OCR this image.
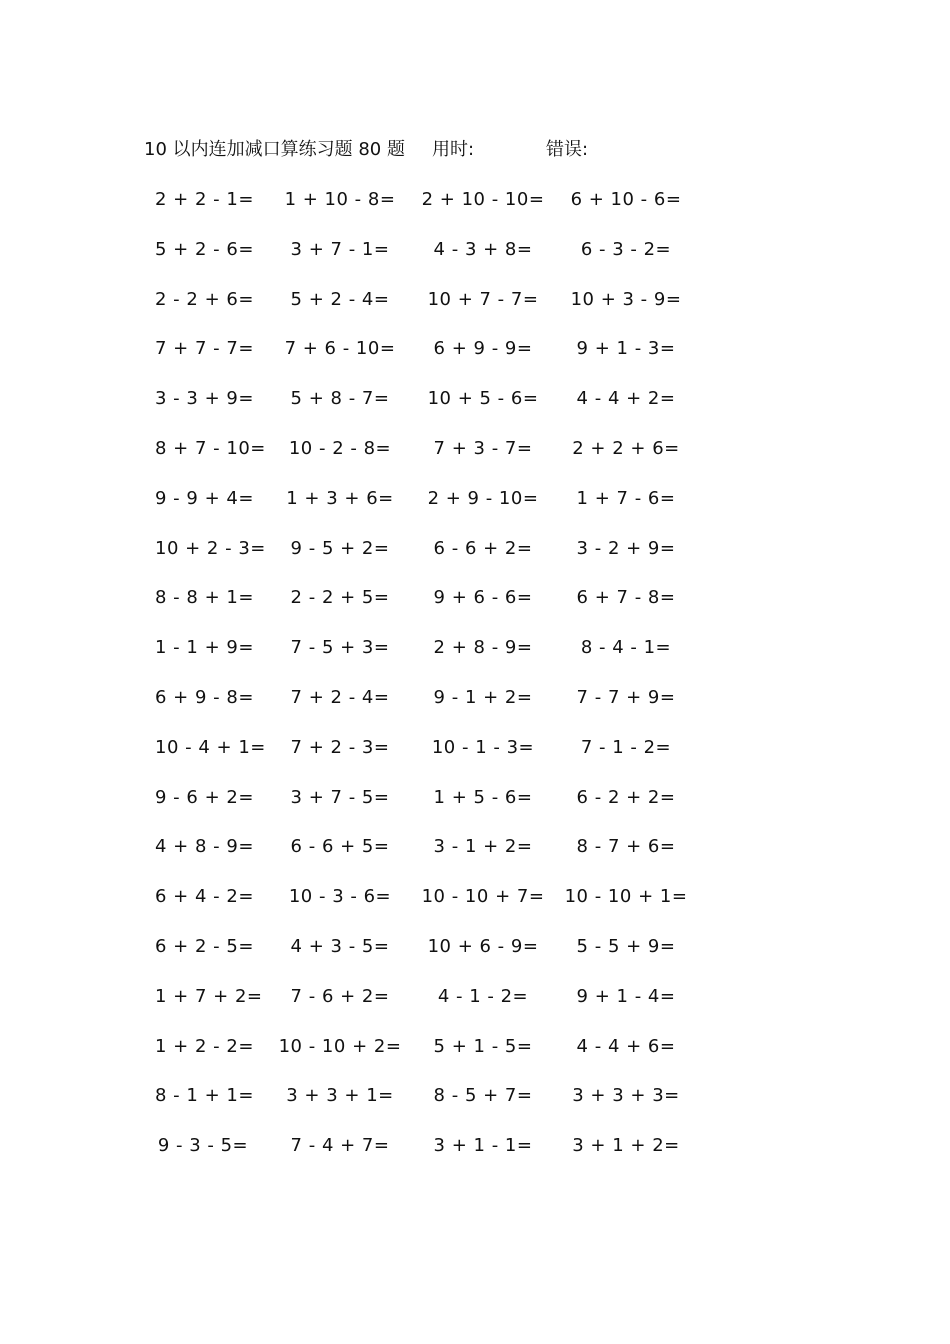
10 以内连加减口算练习题 80 题 用时:	错误:
2 + 2 - 1= 1 + 10 - 8= 2 + 10 - 10= 6 + 10 - 6=
5 + 2 - 6= 3 + 7 - 1= 4 - 3 + 8=	6 - 3 - 2=
2 - 2 + 6= 5 + 2 - 4= 10 + 7 - 7= 10 + 3 - 9=
7 + 7 - 7= 7 + 6 - 10= 6 + 9 - 9= 9 + 1 - 3=
3 - 3 + 9= 5 + 8 - 7= 10 + 5 - 6= 4 - 4 + 2=
8 + 7 - 10= 10 - 2 - 8= 7 + 3 - 7= 2 + 2 + 6=
9 - 9 + 4= 1 + 3 + 6= 2 + 9 - 10= 1 + 7 - 6=
10 + 2 - 3= 9 - 5 + 2= 6 - 6 + 2= 3 - 2 + 9=
8 - 8 + 1= 2 - 2 + 5= 9 + 6 - 6= 6 + 7 - 8=
1 - 1 + 9= 7 - 5 + 3= 2 + 8 - 9=	8 - 4 - 1=
6 + 9 - 8= 7 + 2 - 4= 9 - 1 + 2= 7 - 7 + 9=
10 - 4 + 1= 7 + 2 - 3= 10 - 1 - 3=	7 - 1 - 2=
9 - 6 + 2= 3 + 7 - 5= 1 + 5 - 6= 6 - 2 + 2=
4 + 8 - 9= 6 - 6 + 5= 3 - 1 + 2= 8 - 7 + 6=
6 + 4 - 2= 10 - 3 - 6= 10 - 10 + 7= 10 - 10 + 1=
6 + 2 - 5= 4 + 3 - 5= 10 + 6 - 9= 5 - 5 + 9=
1 + 7 + 2= 7 - 6 + 2=	4 - 1 - 2=	9 + 1 - 4=
1 + 2 - 2= 10 - 10 + 2= 5 + 1 - 5= 4 - 4 + 6=
8 - 1 + 1= 3 + 3 + 1= 8 - 5 + 7= 3 + 3 + 3=
9 - 3 - 5= 7 - 4 + 7= 3 + 1 - 1= 3 + 1 + 2=
